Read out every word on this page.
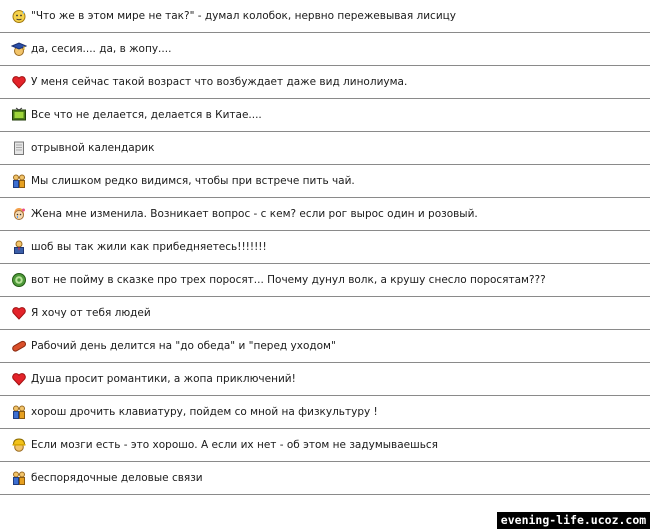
"Что же в этом мире не так?" - думал колобок, нервно пережевывая лисицу
да, сесия.... да, в жопу....
У меня сейчас такой возраст что возбуждает даже вид линолиума.
Все что не делается, делается в Китае....
отрывной календарик
Мы слишком редко видимся, чтобы при встрече пить чай.
Жена мне изменила. Возникает вопрос - с кем? если рог вырос один и розовый.
шоб вы так жили как прибедняетесь!!!!!!!
вот не пойму в сказке про трех поросят... Почему дунул волк, а крушу снесло поросятам???
Я хочу от тебя людей
Рабочий день делится на "до обеда" и "перед уходом"
Душа просит романтики, а жопа приключений!
хорош дрочить клавиатуру, пойдем со мной на физкультуру !
Если мозги есть - это хорошо. А если их нет - об этом не задумываешься
беспорядочные деловые связи
evening-life.ucoz.com
